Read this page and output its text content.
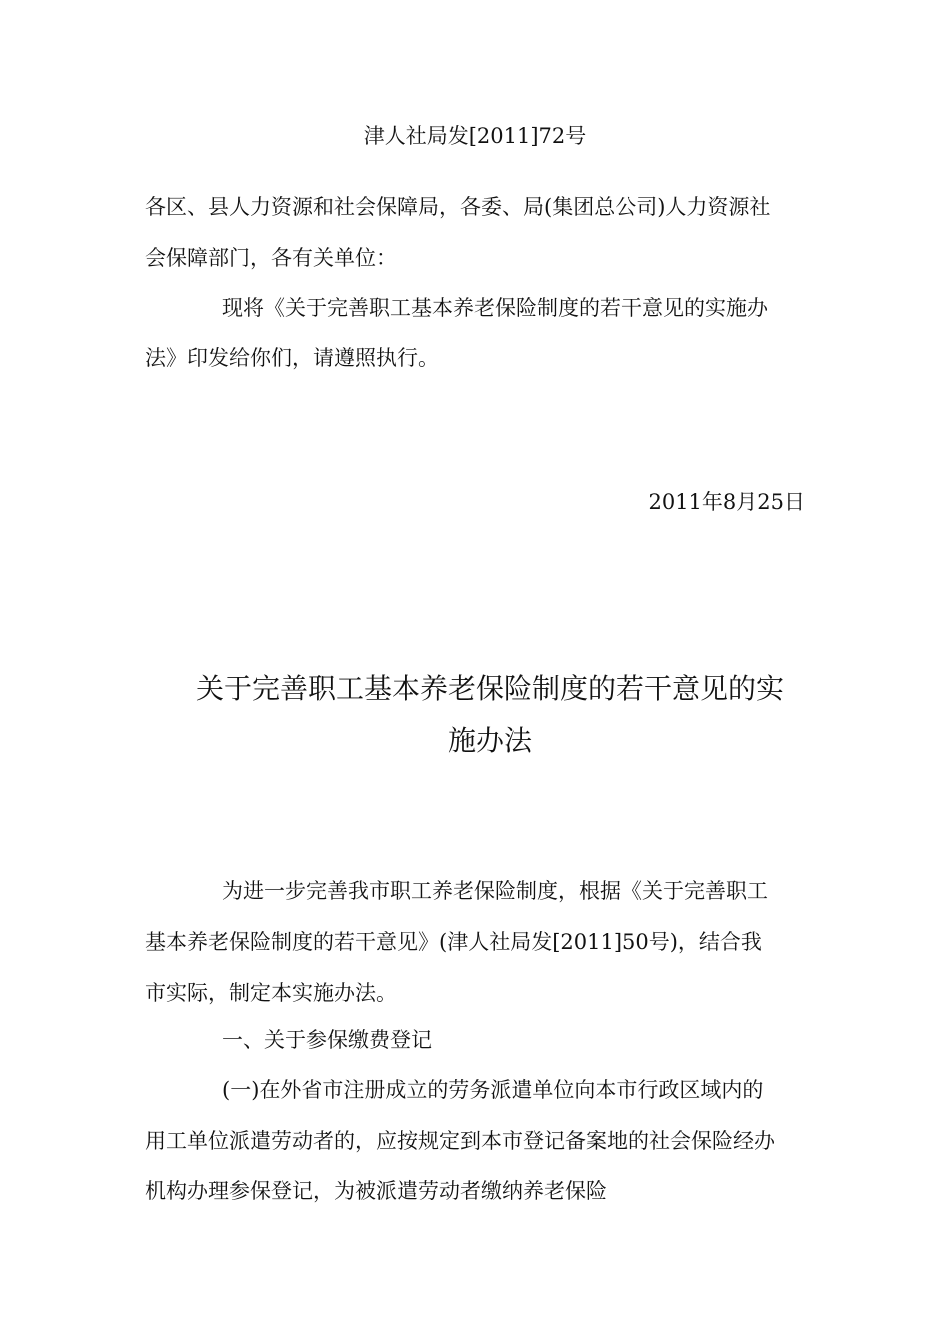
津人社局发[2011]72号
各区、县人力资源和社会保障局，各委、局(集团总公司)人力资源社
会保障部门，各有关单位：
现将《关于完善职工基本养老保险制度的若干意见的实施办
法》印发给你们，请遵照执行。
2011年8月25日
关于完善职工基本养老保险制度的若干意见的实
施办法
为进一步完善我市职工养老保险制度，根据《关于完善职工
基本养老保险制度的若干意见》(津人社局发[2011]50号)，结合我
市实际，制定本实施办法。
一、关于参保缴费登记
(一)在外省市注册成立的劳务派遣单位向本市行政区域内的
用工单位派遣劳动者的，应按规定到本市登记备案地的社会保险经办
机构办理参保登记，为被派遣劳动者缴纳养老保险
